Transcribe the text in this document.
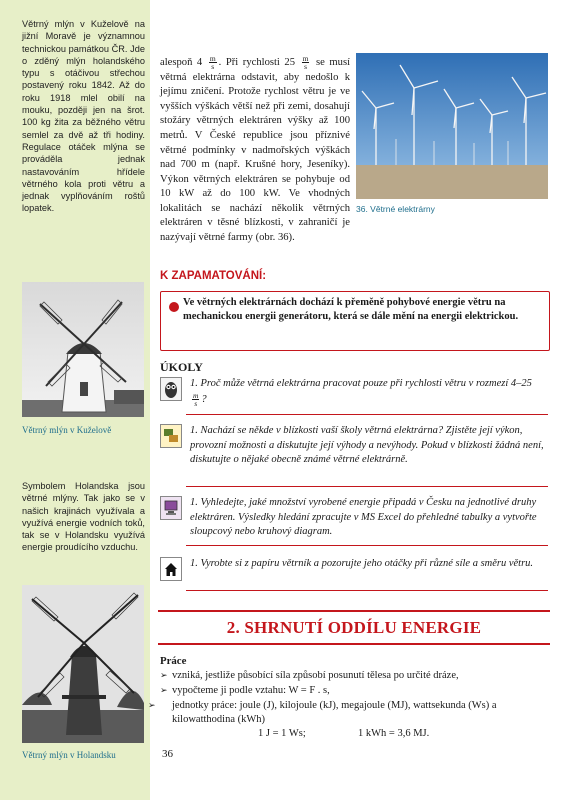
Větrný mlýn v Kuželově na jižní Moravě je významnou technickou památkou ČR. Jde o zděný mlýn holandského typu s otáčivou střechou postavený roku 1842. Až do roku 1918 mlel obilí na mouku, později jen na šrot. 100 kg žita za běžného větru semlel za dvě až tři hodiny. Regulace otáček mlýna se prováděla jednak nastavováním hřídele větrného kola proti větru a jednak vyplňováním roštů lopatek.

Větrný mlýn v Kuželově

Symbolem Holandska jsou větrné mlýny. Tak jako se v našich krajinách využívala a využívá energie vodních toků, tak se v Holandsku využívá energie proudícího vzduchu.

Větrný mlýn v Holandsku

alespoň $4 \frac{m}{s}$ . Při rychlosti $25 \frac{m}{s}$ se musí větrná elektrárna odstavit, aby nedošlo k jejímu zničení. Protože rychlost větru je ve vyšších výškách větší než při zemi, dosahují stožáry větrných elektráren výšky až 100 metrů. V České republice jsou příznivé větrné podmínky v nadmořských výškách nad 700 m (např. Krušné hory, Jeseníky). Výkon větrných elektráren se pohybuje od 10 kW až do 100 kW. Ve vhodných lokalitách se nachází několik větrných elektráren v těsné blízkosti, v zahraničí je nazývají větrné farmy (obr. 36).

36. Větrné elektrárny

K ZAPAMATOVÁNÍ:

Ve větrných elektrárnách dochází k přeměně pohybové energie větru na mechanickou energii generátoru, která se dále mění na energii elektrickou.

ÚKOLY

1. Proč může větrná elektrárna pracovat pouze při rychlosti větru v rozmezí 4–25
$\frac{m}{s}$ ?

1. Nachází se někde v blízkosti vaší školy větrná elektrárna? Zjistěte její výkon, provozní možnosti a diskutujte její výhody a nevýhody. Pokud v blízkosti žádná není, diskutujte o nějaké obecně známé větrné elektrárně.

1. Vyhledejte, jaké množství vyrobené energie připadá v Česku na jednotlivé druhy elektráren. Výsledky hledání zpracujte v MS Excel do přehledné tabulky a vytvořte sloupcový nebo kruhový diagram.

1. Vyrobte si z papíru větrník a pozorujte jeho otáčky při různé síle a směru větru.

2. SHRNUTÍ ODDÍLU ENERGIE
Práce
➢ vzniká, jestliže působící síla způsobí posunutí tělesa po určité dráze,
➢ vypočteme ji podle vztahu: W = F . s,
➢ jednotky práce: joule (J), kilojoule (kJ), megajoule (MJ), wattsekunda (Ws) a kilowatthodina (kWh)
1 J = 1 Ws;	1 kWh = 3,6 MJ.
36
